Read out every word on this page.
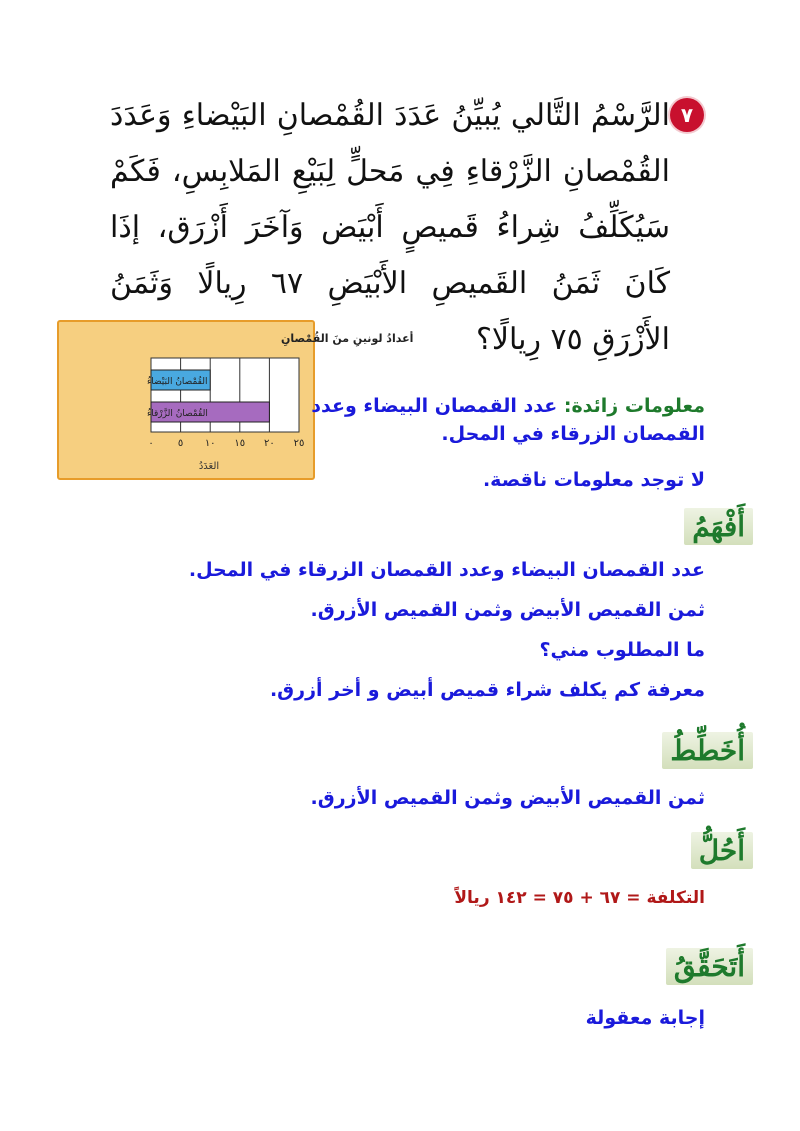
٧
الرَّسْمُ التَّالي يُبيِّنُ عَدَدَ القُمْصانِ البَيْضاءِ وَعَدَدَ
القُمْصانِ الزَّرْقاءِ فِي مَحلٍّ لِبَيْعِ المَلابِسِ، فَكَمْ
سَيُكَلِّفُ شِراءُ قَميصٍ أَبْيَض وَآخَرَ أَزْرَق، إذَا
كَانَ ثَمَنُ القَميصِ الأَبْيَضِ ٦٧ رِيالًا وَثَمَنُ
الأَزْرَقِ ٧٥ رِيالًا؟
أعدادُ لونينِ منَ القُمْصانِ
العَدَدُ
٠ ٥ ١٠ ١٥ ٢٠ ٢٥
القُمْصانُ البَيْضاءُ
القُمْصانُ الزَّرْقاءُ	معلومات زائدة: عدد القمصان البيضاء وعدد القمصان الزرقاء في المحل.
لا توجد معلومات ناقصة.
أَفْهَمُ
عدد القمصان البيضاء وعدد القمصان الزرقاء في المحل.
ثمن القميص الأبيض وثمن القميص الأزرق.
ما المطلوب مني؟
معرفة كم يكلف شراء قميص أبيض و أخر أزرق.
أُخَطِّطُ
ثمن القميص الأبيض وثمن القميص الأزرق.
أَحُلُّ
التكلفة = ٦٧ + ٧٥ = ١٤٢ ريالاً
أَتَحَقَّقُ
إجابة معقولة
